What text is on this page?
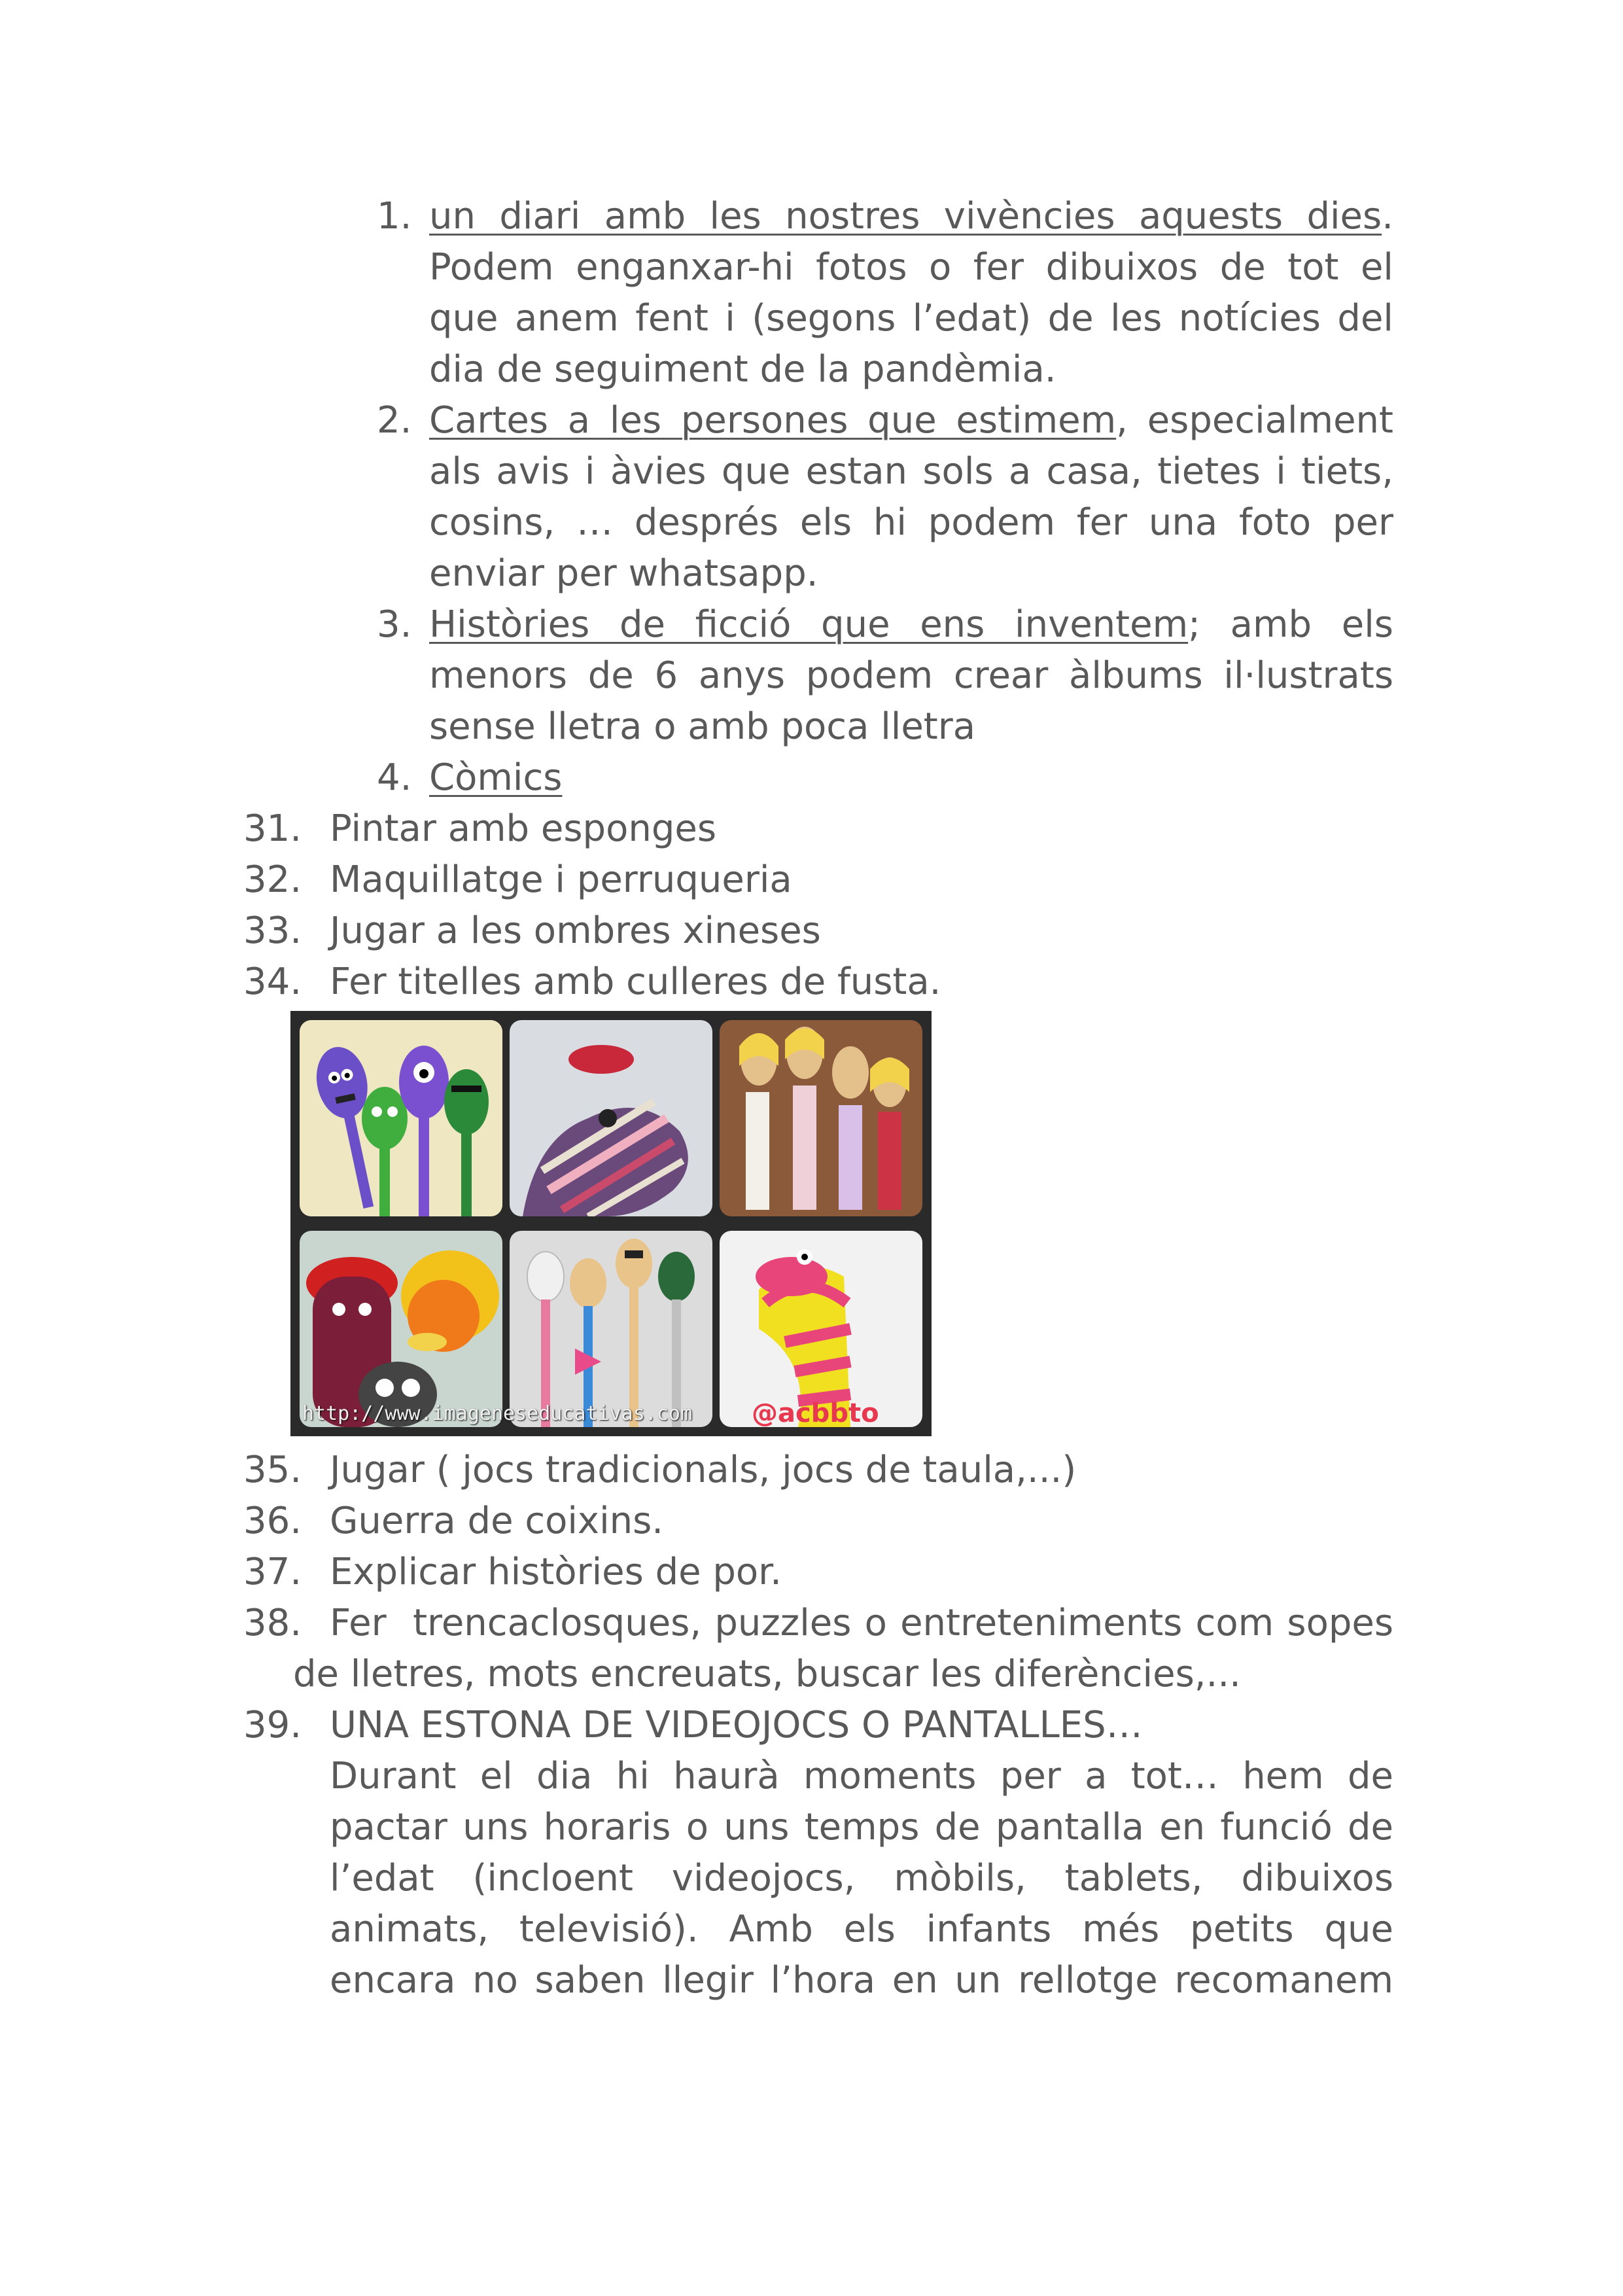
1. un diari amb les nostres vivències aquests dies.
Podem enganxar-hi fotos o fer dibuixos de tot el
que anem fent i (segons l’edat) de les notícies del
dia de seguiment de la pandèmia.
2. Cartes a les persones que estimem, especialment
als avis i àvies que estan sols a casa, tietes i tiets,
cosins, … després els hi podem fer una foto per
enviar per whatsapp.
3. Històries de ficció que ens inventem; amb els
menors de 6 anys podem crear àlbums il·lustrats
sense lletra o amb poca lletra
4. Còmics
31. Pintar amb esponges
32. Maquillatge i perruqueria
33. Jugar a les ombres xineses
34. Fer titelles amb culleres de fusta.
http://www.imageneseducativas.com @acbbto
35. Jugar ( jocs tradicionals, jocs de taula,...)
36. Guerra de coixins.
37. Explicar històries de por.
38. Fer  trencaclosques, puzzles o entreteniments com sopes
de lletres, mots encreuats, buscar les diferències,...
39. UNA ESTONA DE VIDEOJOCS O PANTALLES…
Durant el dia hi haurà moments per a tot… hem de
pactar uns horaris o uns temps de pantalla en funció de
l’edat (incloent videojocs, mòbils, tablets, dibuixos
animats, televisió). Amb els infants més petits que
encara no saben llegir l’hora en un rellotge recomanem
